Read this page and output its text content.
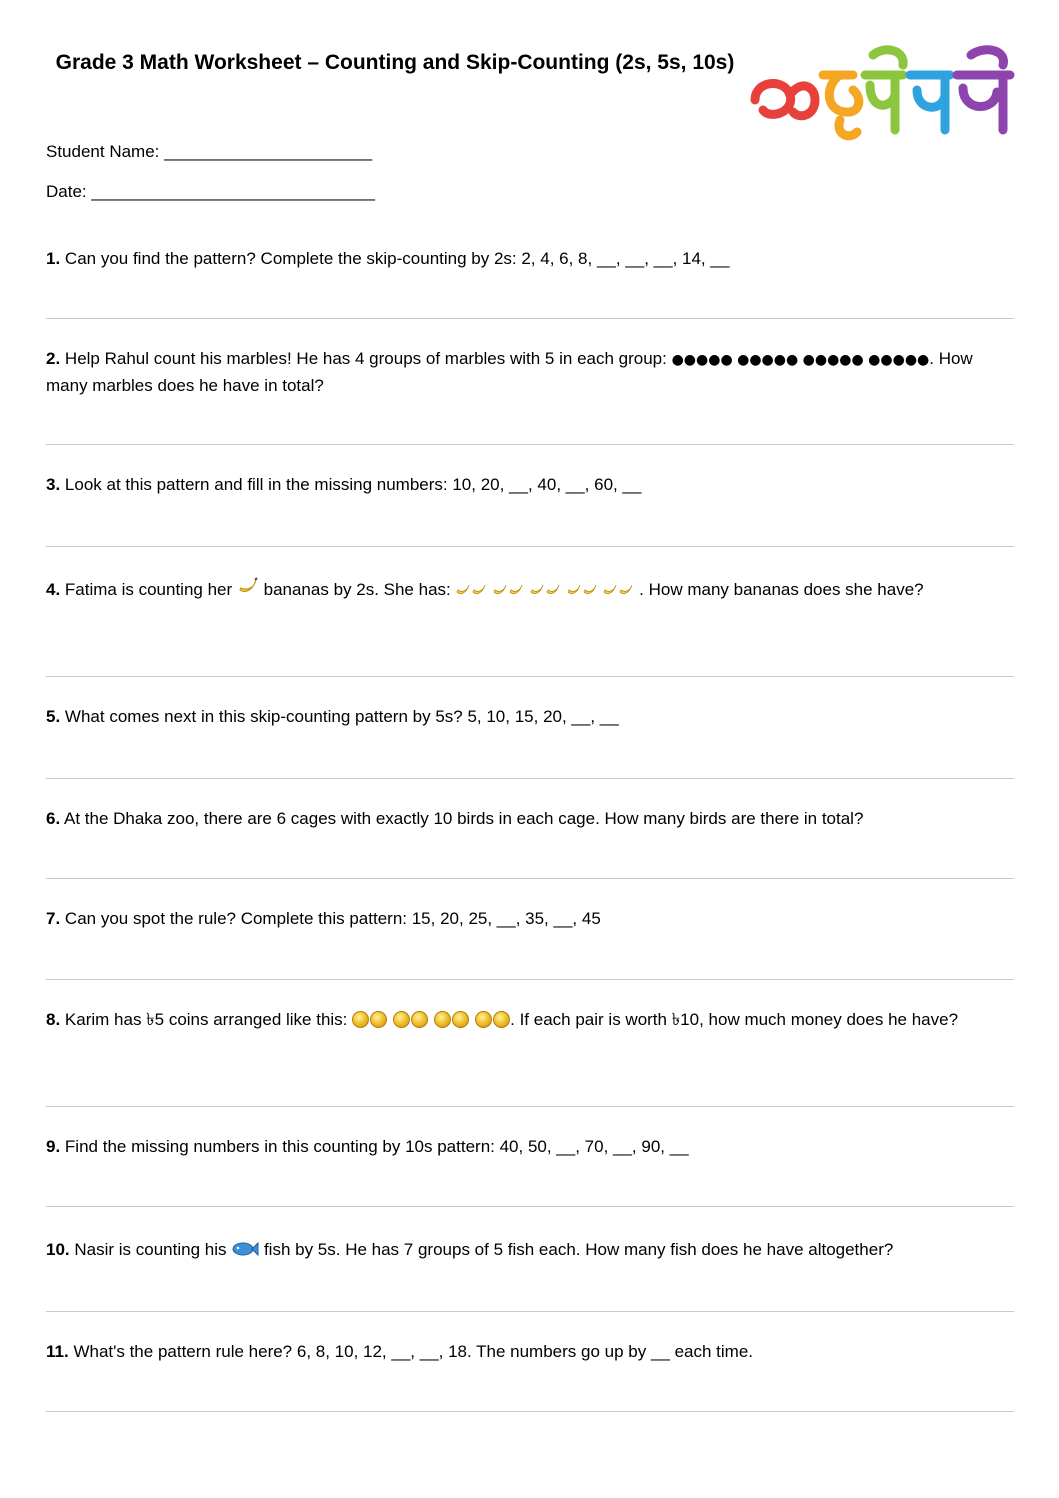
Grade 3 Math Worksheet – Counting and Skip-Counting (2s, 5s, 10s)
Student Name: ______________________
Date: ______________________________
1. Can you find the pattern? Complete the skip-counting by 2s: 2, 4, 6, 8, __, __, __, 14, __
2. Help Rahul count his marbles! He has 4 groups of marbles with 5 in each group: ●●●●● ●●●●● ●●●●● ●●●●●. How many marbles does he have in total?
3. Look at this pattern and fill in the missing numbers: 10, 20, __, 40, __, 60, __
4. Fatima is counting her  bananas by 2s. She has:	. How many bananas does she have?
5. What comes next in this skip-counting pattern by 5s? 5, 10, 15, 20, __, __
6. At the Dhaka zoo, there are 6 cages with exactly 10 birds in each cage. How many birds are there in total?
7. Can you spot the rule? Complete this pattern: 15, 20, 25, __, 35, __, 45
8. Karim has ৳5 coins arranged like this:	. If each pair is worth ৳10, how much money does he have?
9. Find the missing numbers in this counting by 10s pattern: 40, 50, __, 70, __, 90, __
10. Nasir is counting his  fish by 5s. He has 7 groups of 5 fish each. How many fish does he have altogether?
11. What's the pattern rule here? 6, 8, 10, 12, __, __, 18. The numbers go up by __ each time.
